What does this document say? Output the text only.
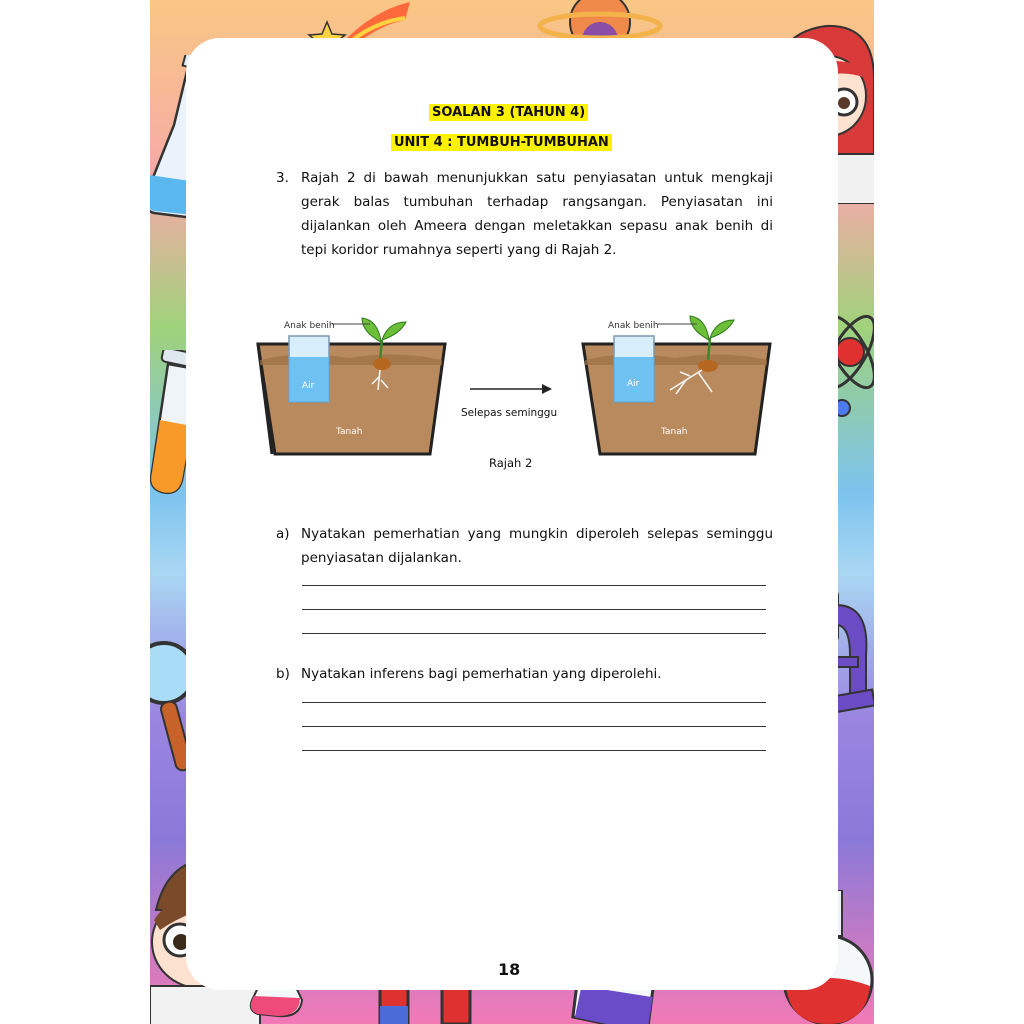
SOALAN 3 (TAHUN 4)
UNIT 4 : TUMBUH-TUMBUHAN
3. Rajah 2 di bawah menunjukkan satu penyiasatan untuk mengkaji gerak balas tumbuhan terhadap rangsangan. Penyiasatan ini dijalankan oleh Ameera dengan meletakkan sepasu anak benih di tepi koridor rumahnya seperti yang di Rajah 2.
Anak benih
Air
Tanah
Selepas seminggu
Anak benih
Air
Tanah
Rajah 2
a) Nyatakan pemerhatian yang mungkin diperoleh selepas seminggu penyiasatan dijalankan.
b) Nyatakan inferens bagi pemerhatian yang diperolehi.
18
